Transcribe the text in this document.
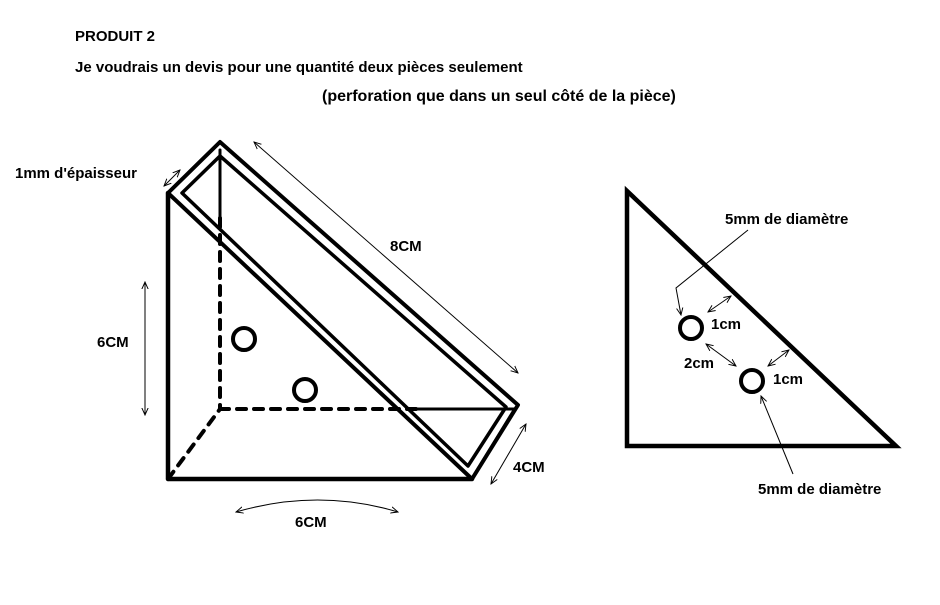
PRODUIT 2
Je voudrais un devis pour une quantité deux pièces seulement
(perforation que dans un seul côté de la pièce)
1mm d'épaisseur
8CM
6CM
6CM
4CM
5mm de diamètre
1cm
2cm
1cm
5mm de diamètre
